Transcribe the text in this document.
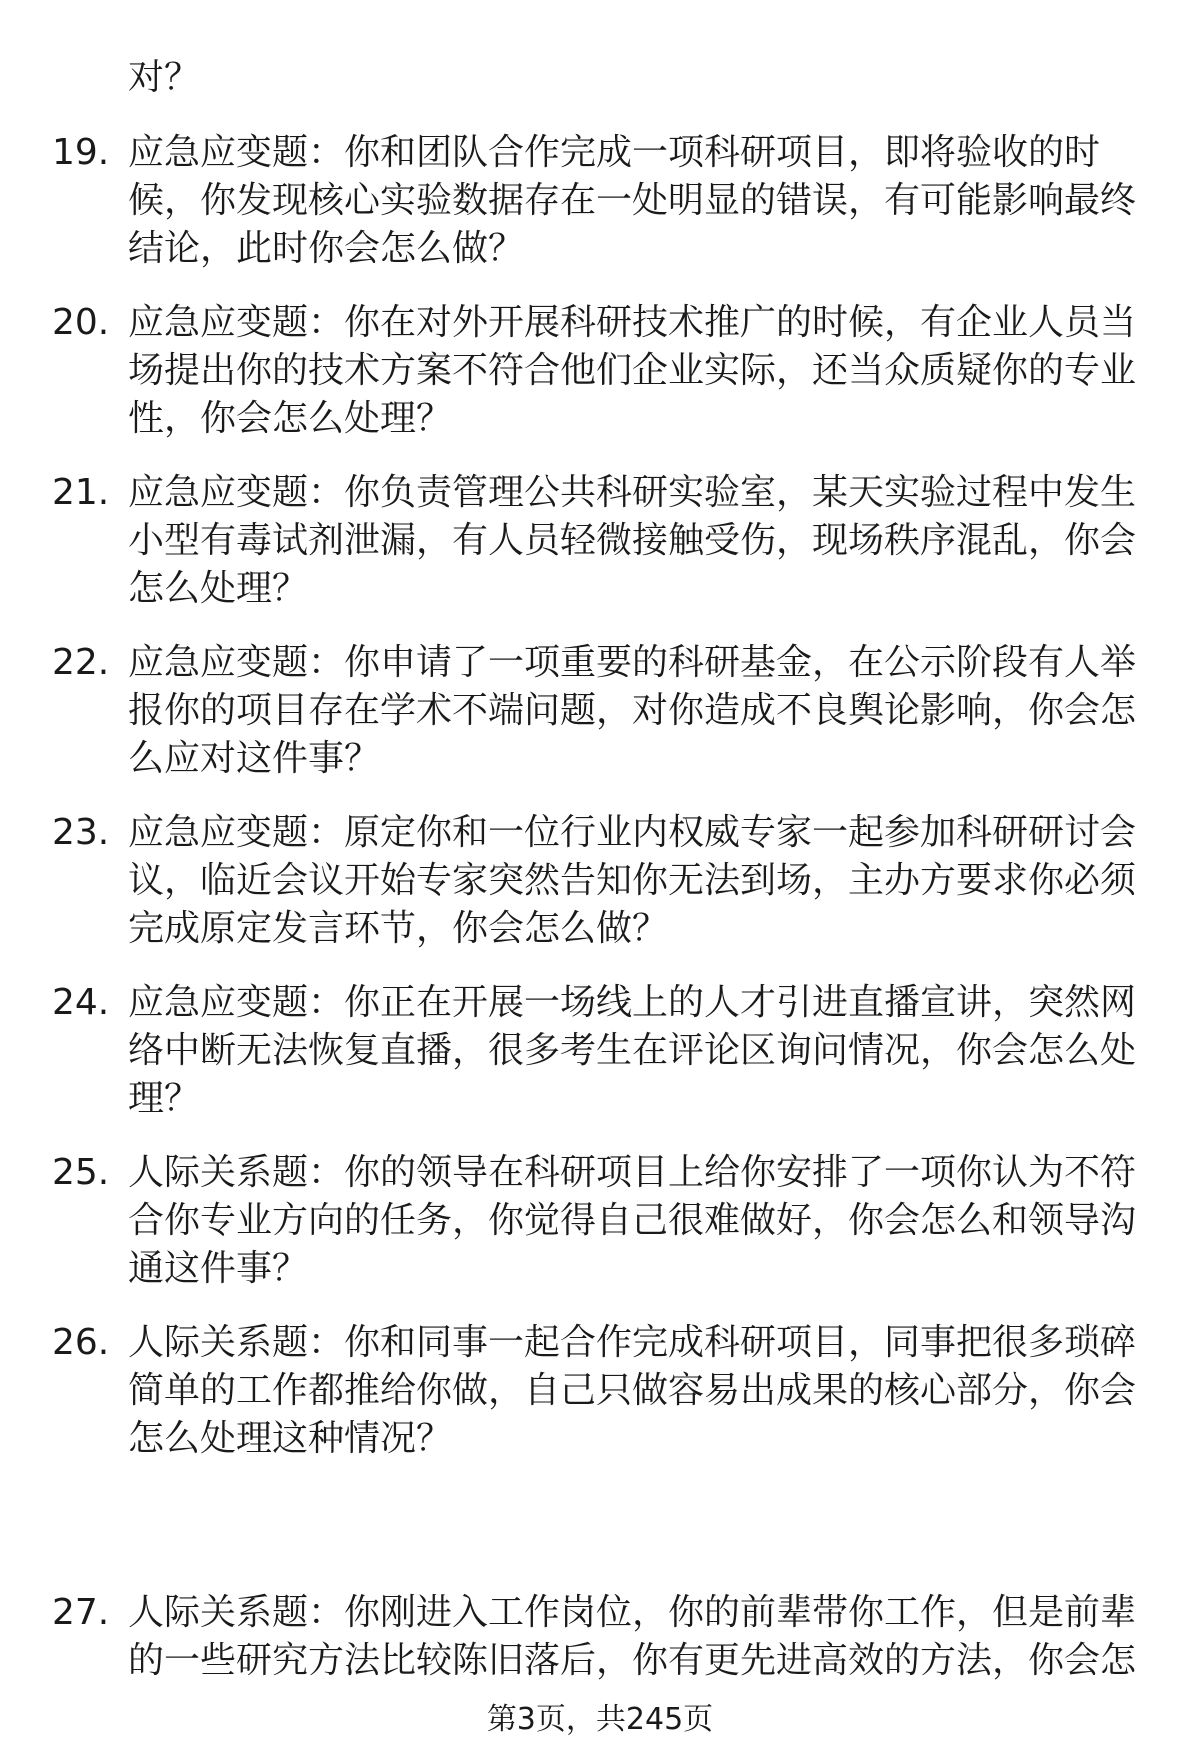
对？
19. 应急应变题：你和团队合作完成一项科研项目，即将验收的时
候，你发现核心实验数据存在一处明显的错误，有可能影响最终
结论，此时你会怎么做？
20. 应急应变题：你在对外开展科研技术推广的时候，有企业人员当
场提出你的技术方案不符合他们企业实际，还当众质疑你的专业
性，你会怎么处理？
21. 应急应变题：你负责管理公共科研实验室，某天实验过程中发生
小型有毒试剂泄漏，有人员轻微接触受伤，现场秩序混乱，你会
怎么处理？
22. 应急应变题：你申请了一项重要的科研基金，在公示阶段有人举
报你的项目存在学术不端问题，对你造成不良舆论影响，你会怎
么应对这件事？
23. 应急应变题：原定你和一位行业内权威专家一起参加科研研讨会
议，临近会议开始专家突然告知你无法到场，主办方要求你必须
完成原定发言环节，你会怎么做？
24. 应急应变题：你正在开展一场线上的人才引进直播宣讲，突然网
络中断无法恢复直播，很多考生在评论区询问情况，你会怎么处
理？
25. 人际关系题：你的领导在科研项目上给你安排了一项你认为不符
合你专业方向的任务，你觉得自己很难做好，你会怎么和领导沟
通这件事？
26. 人际关系题：你和同事一起合作完成科研项目，同事把很多琐碎
简单的工作都推给你做，自己只做容易出成果的核心部分，你会
怎么处理这种情况？
27. 人际关系题：你刚进入工作岗位，你的前辈带你工作，但是前辈
的一些研究方法比较陈旧落后，你有更先进高效的方法，你会怎
第3页，共245页
